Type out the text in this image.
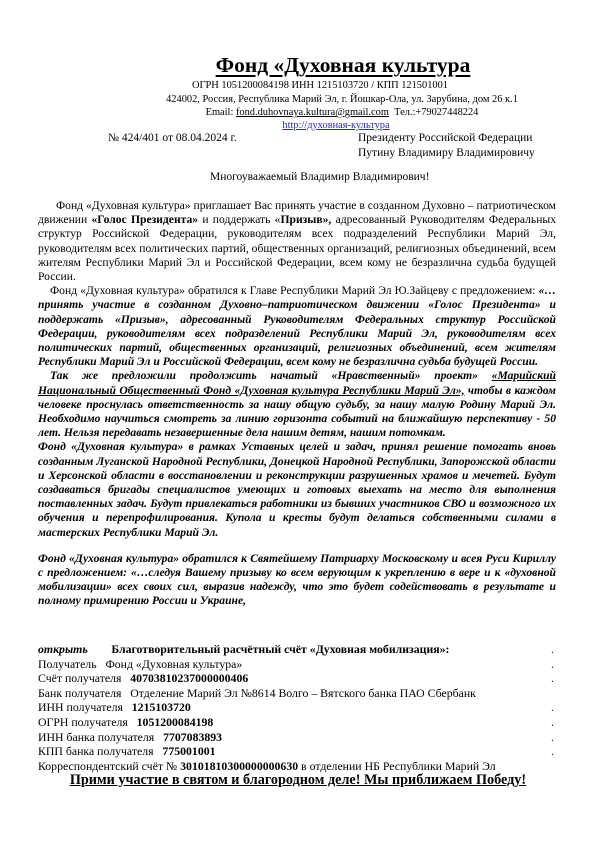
Фонд «Духовная культура
ОГРН 1051200084198 ИНН 1215103720 / КПП 121501001
424002, Россия, Республика Марий Эл, г. Йошкар-Ола, ул. Зарубина, дом 26 к.1
Email: fond.duhovnaya.kultura@gmail.com Тел.:+79027448224
http://духовная-культура
№ 424/401 от 08.04.2024 г.	Президенту Российской Федерации
Путину Владимиру Владимировичу
Многоуважаемый Владимир Владимирович!

Фонд «Духовная культура» приглашает Вас принять участие в созданном Духовно – патриотическом движении «Голос Президента» и поддержать «Призыв», адресованный Руководителям Федеральных структур Российской Федерации, руководителям всех подразделений Республики Марий Эл, руководителям всех политических партий, общественных организаций, религиозных объединений, всем жителям Республики Марий Эл и Российской Федерации, всем кому не безразлична судьба будущей России.

Фонд «Духовная культура» обратился к Главе Республики Марий Эл Ю.Зайцеву с предложением: «…принять участие в созданном Духовно–патриотическом движении «Голос Президента» и поддержать «Призыв», адресованный Руководителям Федеральных структур Российской Федерации, руководителям всех подразделений Республики Марий Эл, руководителям всех политических партий, общественных организаций, религиозных объединений, всем жителям Республики Марий Эл и Российской Федерации, всем кому не безразлична судьба будущей России.

Так же предложили продолжить начатый «Нравственный» проект» «Марийский Национальный Общественный Фонд «Духовная культура Республики Марий Эл», чтобы в каждом человеке проснулась ответственность за нашу общую судьбу, за нашу малую Родину Марий Эл. Необходимо научиться смотреть за линию горизонта событий на ближайшую перспективу - 50 лет. Нельзя передавать незавершенные дела нашим детям, нашим потомкам.

Фонд «Духовная культура» в рамках Уставных целей и задач, принял решение помогать вновь созданным Луганской Народной Республики, Донецкой Народной Республики, Запорожской области и Херсонской области в восстановлении и реконструкции разрушенных храмов и мечетей. Будут создаваться бригады специалистов умеющих и готовых выехать на место для выполнения поставленных задач. Будут привлекаться работники из бывших участников СВО и возможного их обучения и перепрофилирования. Купола и кресты будут делаться собственными силами в мастерских Республики Марий Эл.

Фонд «Духовная культура» обратился к Святейшему Патриарху Московскому и всея Руси Кириллу с предложением: «…следуя Вашему призыву ко всем верующим к укреплению в вере и к «духовной мобилизации» всех своих сил, выразив надежду, что это будет содействовать в результате и полному примирению России и Украине,

открыть Благотворительный расчётный счёт «Духовная мобилизация»:	.
Получатель Фонд «Духовная культура»	.
Счёт получателя 40703810237000000406	.
Банк получателя Отделение Марий Эл №8614 Волго – Вятского банка ПАО Сбербанк
ИНН получателя 1215103720	.
ОГРН получателя 1051200084198	.
ИНН банка получателя 7707083893	.
КПП банка получателя 775001001	.
Корреспондентский счёт № 30101810300000000630 в отделении НБ Республики Марий Эл
Прими участие в святом и благородном деле! Мы приближаем Победу!
